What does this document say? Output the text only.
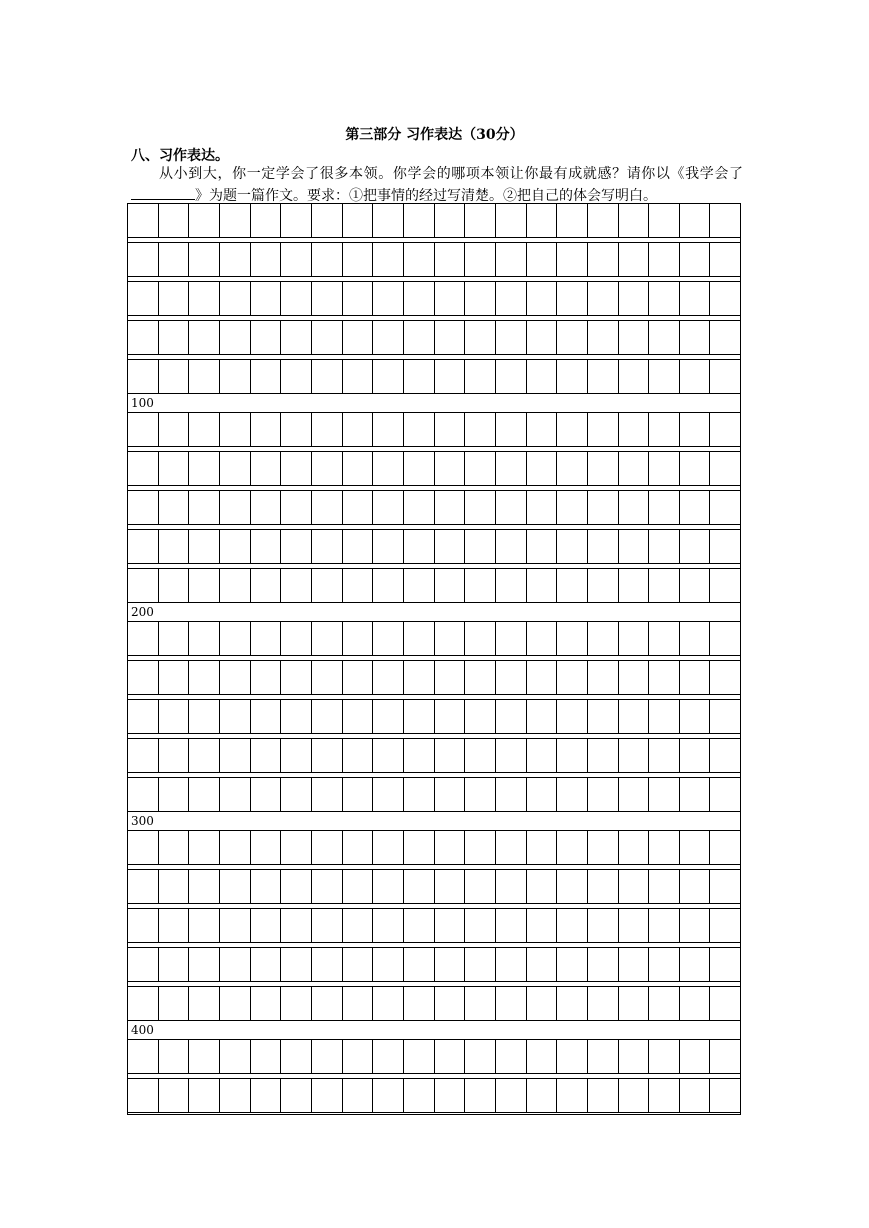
第三部分 习作表达（30分）
八、习作表达。
从小到大，你一定学会了很多本领。你学会的哪项本领让你最有成就感？请你以《我学会了》为题一篇作文。要求：①把事情的经过写清楚。②把自己的体会写明白。
100
200
300
400
